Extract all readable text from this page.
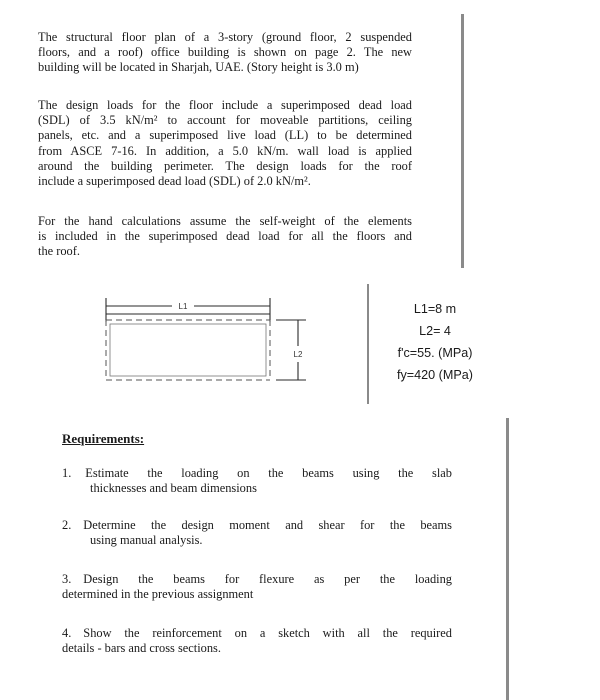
The structural floor plan of a 3-story (ground floor, 2 suspended
floors, and a roof) office building is shown on page 2. The new
building will be located in Sharjah, UAE. (Story height is 3.0 m)
The design loads for the floor include a superimposed dead load
(SDL) of 3.5 kN/m² to account for moveable partitions, ceiling
panels, etc. and a superimposed live load (LL) to be determined
from ASCE 7-16. In addition, a 5.0 kN/m. wall load is applied
around the building perimeter. The design loads for the roof
include a superimposed dead load (SDL) of 2.0 kN/m².
For the hand calculations assume the self-weight of the elements
is included in the superimposed dead load for all the floors and
the roof.
L1
L2
L1=8 m
L2= 4
f'c=55. (MPa)
fy=420 (MPa)
Requirements:
1. Estimate the loading on the beams using the slab
thicknesses and beam dimensions
2. Determine the design moment and shear for the beams
using manual analysis.
3. Design the beams for flexure as per the loading
determined in the previous assignment
4. Show the reinforcement on a sketch with all the required
details - bars and cross sections.
